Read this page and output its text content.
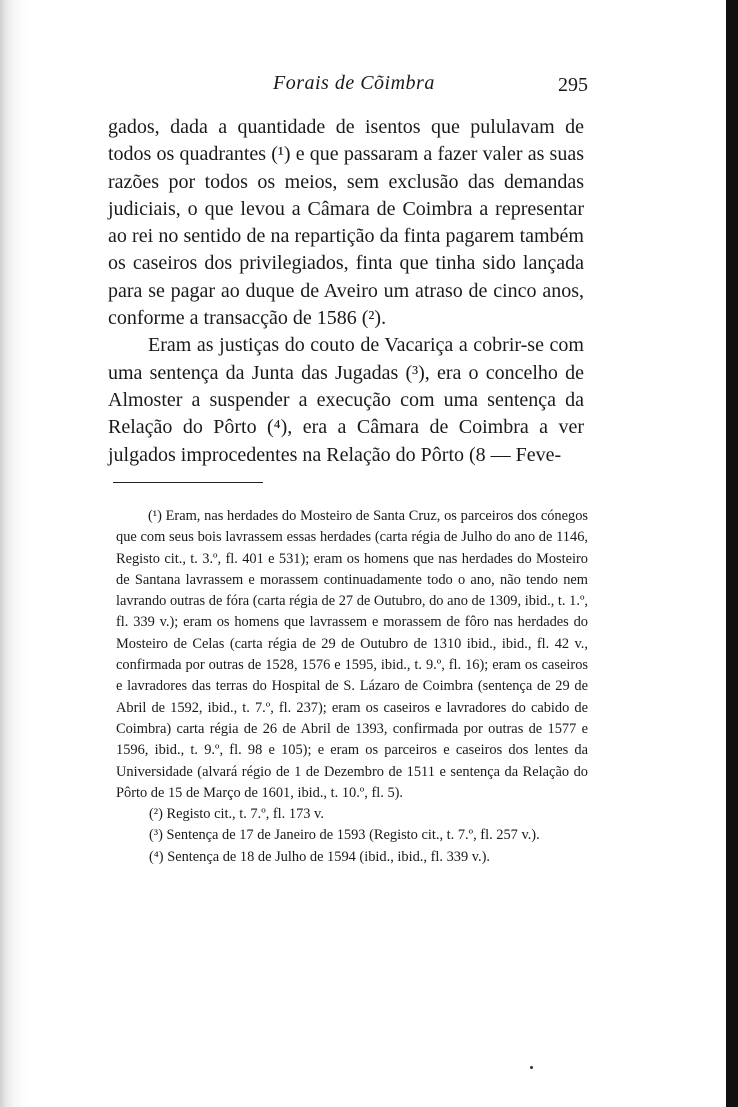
Forais de Cõimbra	295

gados, dada a quantidade de isentos que pululavam de todos os quadrantes (¹) e que passaram a fazer valer as suas razões por todos os meios, sem exclusão das demandas judiciais, o que levou a Câmara de Coimbra a representar ao rei no sentido de na repartição da finta pagarem também os caseiros dos privilegiados, finta que tinha sido lançada para se pagar ao duque de Aveiro um atraso de cinco anos, conforme a transacção de 1586 (²).

Eram as justiças do couto de Vacariça a cobrir-se com uma sentença da Junta das Jugadas (³), era o concelho de Almoster a suspender a execução com uma sentença da Relação do Pôrto (⁴), era a Câmara de Coimbra a ver julgados improcedentes na Relação do Pôrto (8 — Feve-

(¹) Eram, nas herdades do Mosteiro de Santa Cruz, os parceiros dos cónegos que com seus bois lavrassem essas herdades (carta régia de Julho do ano de 1146, Registo cit., t. 3.º, fl. 401 e 531); eram os homens que nas herdades do Mosteiro de Santana lavrassem e morassem continuadamente todo o ano, não tendo nem lavrando outras de fóra (carta régia de 27 de Outubro, do ano de 1309, ibid., t. 1.º, fl. 339 v.); eram os homens que lavrassem e morassem de fôro nas herdades do Mosteiro de Celas (carta régia de 29 de Outubro de 1310 ibid., ibid., fl. 42 v., confirmada por outras de 1528, 1576 e 1595, ibid., t. 9.º, fl. 16); eram os caseiros e lavradores das terras do Hospital de S. Lázaro de Coimbra (sentença de 29 de Abril de 1592, ibid., t. 7.º, fl. 237); eram os caseiros e lavradores do cabido de Coimbra) carta régia de 26 de Abril de 1393, confirmada por outras de 1577 e 1596, ibid., t. 9.º, fl. 98 e 105); e eram os parceiros e caseiros dos lentes da Universidade (alvará régio de 1 de Dezembro de 1511 e sentença da Relação do Pôrto de 15 de Março de 1601, ibid., t. 10.º, fl. 5).

(²) Registo cit., t. 7.º, fl. 173 v.

(³) Sentença de 17 de Janeiro de 1593 (Registo cit., t. 7.º, fl. 257 v.).

(⁴) Sentença de 18 de Julho de 1594 (ibid., ibid., fl. 339 v.).
